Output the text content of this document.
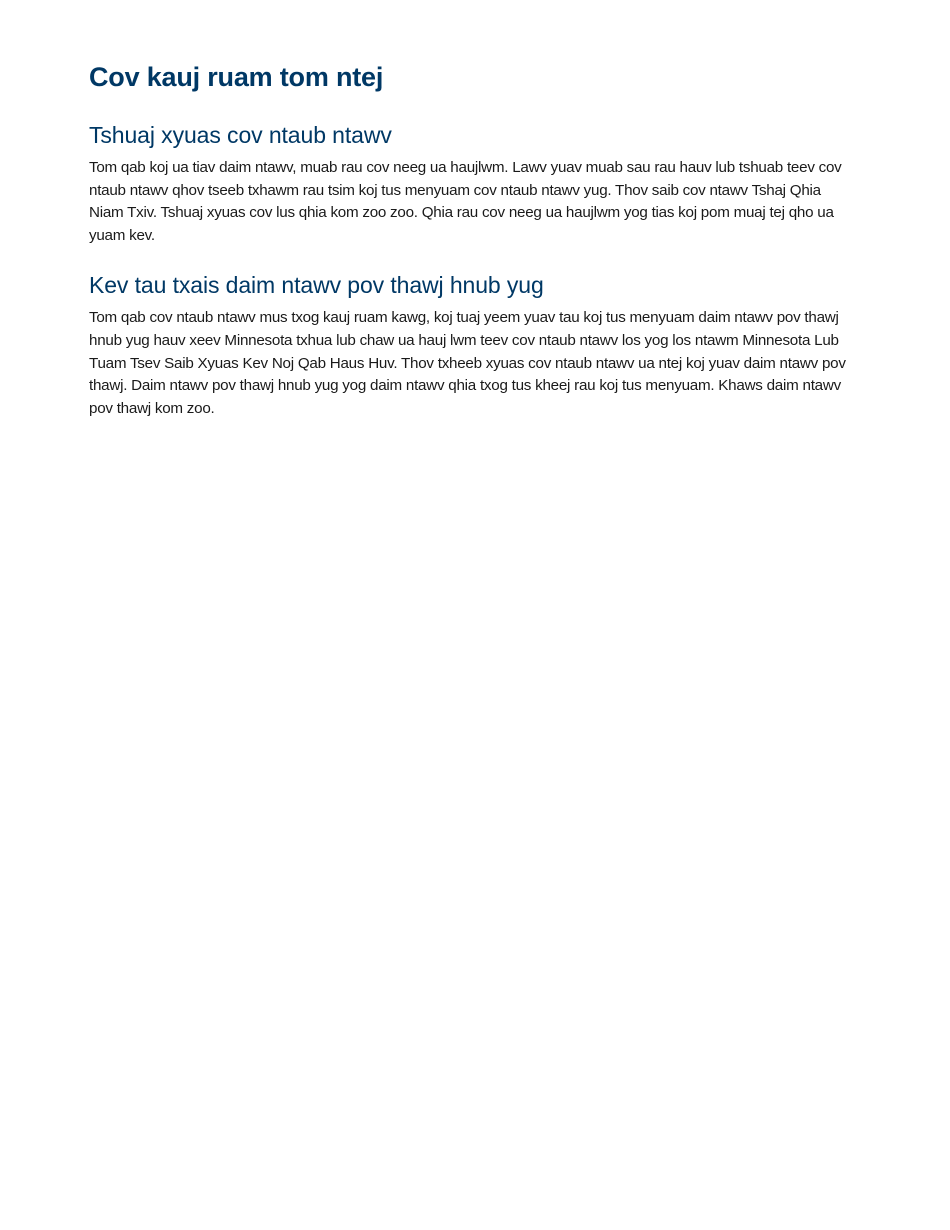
Cov kauj ruam tom ntej
Tshuaj xyuas cov ntaub ntawv

Tom qab koj ua tiav daim ntawv, muab rau cov neeg ua haujlwm. Lawv yuav muab sau rau hauv lub tshuab teev cov ntaub ntawv qhov tseeb txhawm rau tsim koj tus menyuam cov ntaub ntawv yug. Thov saib cov ntawv Tshaj Qhia Niam Txiv. Tshuaj xyuas cov lus qhia kom zoo zoo. Qhia rau cov neeg ua haujlwm yog tias koj pom muaj tej qho ua yuam kev.

Kev tau txais daim ntawv pov thawj hnub yug

Tom qab cov ntaub ntawv mus txog kauj ruam kawg, koj tuaj yeem yuav tau koj tus menyuam daim ntawv pov thawj hnub yug hauv xeev Minnesota txhua lub chaw ua hauj lwm teev cov ntaub ntawv los yog los ntawm Minnesota Lub Tuam Tsev Saib Xyuas Kev Noj Qab Haus Huv. Thov txheeb xyuas cov ntaub ntawv ua ntej koj yuav daim ntawv pov thawj. Daim ntawv pov thawj hnub yug yog daim ntawv qhia txog tus kheej rau koj tus menyuam. Khaws daim ntawv pov thawj kom zoo.
